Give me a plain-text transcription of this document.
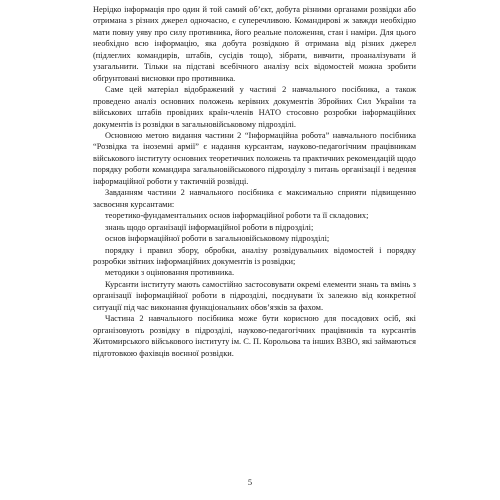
Нерідко інформація про один й той самий об’єкт, добута різними органами розвідки або отримана з різних джерел одночасно, є суперечливою. Командирові ж завжди необхідно мати повну уяву про силу противника, його реальне положення, стан і наміри. Для цього необхідно всю інформацію, яка добута розвідкою й отримана від різних джерел (підлеглих командирів, штабів, сусідів тощо), зібрати, вивчити, проаналізувати й узагальнити. Тільки на підставі всебічного аналізу всіх відомостей можна зробити обґрунтовані висновки про противника.

Саме цей матеріал відображений у частині 2 навчального посібника, а також проведено аналіз основних положень керівних документів Збройних Сил України та військових штабів провідних країн-членів НАТО стосовно розробки інформаційних документів із розвідки в загальновійськовому підрозділі.

Основною метою видання частини 2 “Інформаційна робота” навчального посібника “Розвідка та іноземні армії” є надання курсантам, науково-педагогічним працівникам військового інституту основних теоретичних положень та практичних рекомендацій щодо порядку роботи командира загальновійськового підрозділу з питань організації і ведення інформаційної роботи у тактичній розвідці.

Завданням частини 2 навчального посібника є максимально сприяти підвищенню засвоєння курсантами:

теоретико-фундаментальних основ інформаційної роботи та її складових;

знань щодо організації інформаційної роботи в підрозділі;

основ інформаційної роботи в загальновійськовому підрозділі;

порядку і правил збору, обробки, аналізу розвідувальних відомостей і порядку розробки звітних інформаційних документів із розвідки;

методики з оцінювання противника.

Курсанти інституту мають самостійно застосовувати окремі елементи знань та вмінь з організації інформаційної роботи в підрозділі, поєднувати їх залежно від конкретної ситуації під час виконання функціональних обов’язків за фахом.

Частина 2 навчального посібника може бути корисною для посадових осіб, які організовують розвідку в підрозділі, науково-педагогічних працівників та курсантів Житомирського військового інституту ім. С. П. Корольова та інших ВЗВО, які займаються підготовкою фахівців воєнної розвідки.

5
